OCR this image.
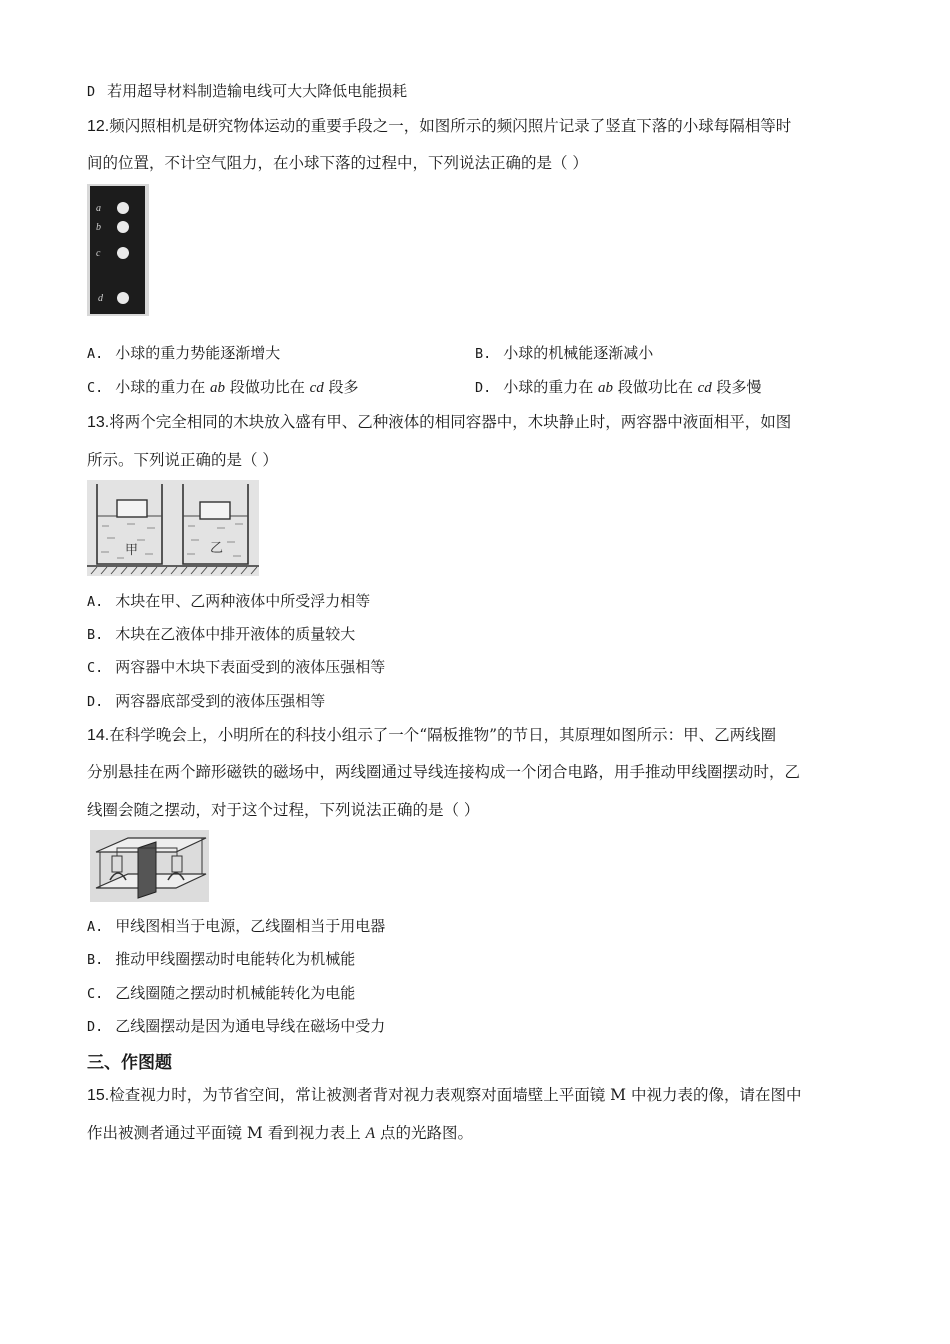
D 若用超导材料制造输电线可大大降低电能损耗
12.频闪照相机是研究物体运动的重要手段之一，如图所示的频闪照片记录了竖直下落的小球每隔相等时
间的位置，不计空气阻力，在小球下落的过程中，下列说法正确的是（ ）
a
b
c
d
A. 小球的重力势能逐渐增大	B. 小球的机械能逐渐减小
C. 小球的重力在 ab 段做功比在 cd 段多	D. 小球的重力在 ab 段做功比在 cd 段多慢
13.将两个完全相同的木块放入盛有甲、乙种液体的相同容器中，木块静止时，两容器中液面相平，如图
所示。下列说正确的是（ ）
甲	乙
A. 木块在甲、乙两种液体中所受浮力相等
B. 木块在乙液体中排开液体的质量较大
C. 两容器中木块下表面受到的液体压强相等
D. 两容器底部受到的液体压强相等
14.在科学晚会上，小明所在的科技小组示了一个“隔板推物”的节日，其原理如图所示：甲、乙两线圈
分别悬挂在两个蹄形磁铁的磁场中，两线圈通过导线连接构成一个闭合电路，用手推动甲线圈摆动时，乙
线圈会随之摆动，对于这个过程，下列说法正确的是（ ）
A. 甲线图相当于电源，乙线圈相当于用电器
B. 推动甲线圈摆动时电能转化为机械能
C. 乙线圈随之摆动时机械能转化为电能
D. 乙线圈摆动是因为通电导线在磁场中受力
三、作图题
15.检查视力时，为节省空间，常让被测者背对视力表观察对面墙壁上平面镜 M 中视力表的像，请在图中
作出被测者通过平面镜 M 看到视力表上 A 点的光路图。
